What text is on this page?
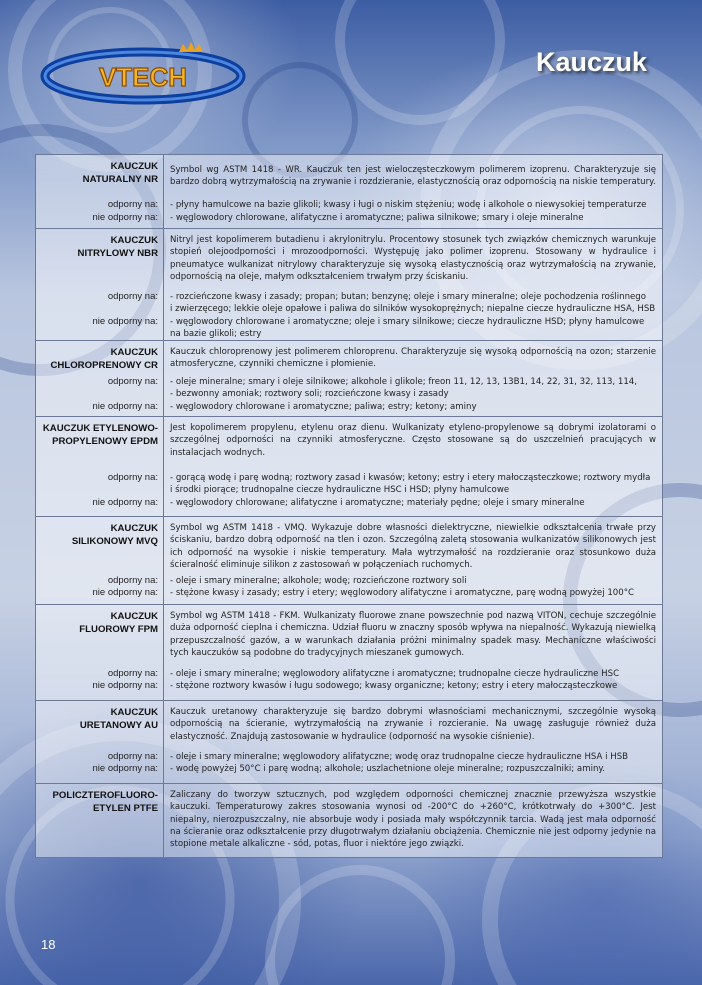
VTECH	Kauczuk
KAUCZUK
NATURALNY NR
odporny na:
nie odporny na:
Symbol wg ASTM 1418 - WR. Kauczuk ten jest wieloczęsteczkowym polimerem izoprenu. Charakteryzuje się bardzo dobrą wytrzymałością na zrywanie i rozdzieranie, elastycznością oraz odpornością na niskie temperatury.
- płyny hamulcowe na bazie glikoli; kwasy i ługi o niskim stężeniu; wodę i alkohole o niewysokiej temperaturze
- węglowodory chlorowane, alifatyczne i aromatyczne; paliwa silnikowe; smary i oleje mineralne
KAUCZUK
NITRYLOWY NBR
odporny na:
nie odporny na:
Nitryl jest kopolimerem butadienu i akrylonitrylu. Procentowy stosunek tych związków chemicznych warunkuje stopień olejoodporności i mrozoodporności. Występuję jako polimer izoprenu. Stosowany w hydraulice i pneumatyce wulkanizat nitrylowy charakteryzuje się wysoką elastycznością oraz wytrzymałością na zrywanie, odpornością na oleje, małym odkształceniem trwałym przy ściskaniu.
- rozcieńczone kwasy i zasady; propan; butan; benzynę; oleje i smary mineralne; oleje pochodzenia roślinnego
i zwierzęcego; lekkie oleje opałowe i paliwa do silników wysokoprężnych; niepalne ciecze hydrauliczne HSA, HSB
- węglowodory chlorowane i aromatyczne; oleje i smary silnikowe; ciecze hydrauliczne HSD; płyny hamulcowe
na bazie glikoli; estry
KAUCZUK
CHLOROPRENOWY CR
odporny na:
nie odporny na:
Kauczuk chloroprenowy jest polimerem chloroprenu. Charakteryzuje się wysoką odpornością na ozon; starzenie atmosferyczne, czynniki chemiczne i płomienie.
- oleje mineralne; smary i oleje silnikowe; alkohole i glikole; freon 11, 12, 13, 13B1, 14, 22, 31, 32, 113, 114,
- bezwonny amoniak; roztwory soli; rozcieńczone kwasy i zasady
- węglowodory chlorowane i aromatyczne; paliwa; estry; ketony; aminy
KAUCZUK ETYLENOWO-
PROPYLENOWY EPDM
odporny na:
nie odporny na:
Jest kopolimerem propylenu, etylenu oraz dienu. Wulkanizaty etyleno-propylenowe są dobrymi izolatorami o szczególnej odporności na czynniki atmosferyczne. Często stosowane są do uszczelnień pracujących w instalacjach wodnych.
- gorącą wodę i parę wodną; roztwory zasad i kwasów; ketony; estry i etery małocząsteczkowe; roztwory mydła
i środki piorące; trudnopalne ciecze hydrauliczne HSC i HSD; płyny hamulcowe
- węglowodory chlorowane; alifatyczne i aromatyczne; materiały pędne; oleje i smary mineralne
KAUCZUK
SILIKONOWY MVQ
odporny na:
nie odporny na:
Symbol wg ASTM 1418 - VMQ. Wykazuje dobre własności dielektryczne, niewielkie odkształcenia trwałe przy ściskaniu, bardzo dobrą odporność na tlen i ozon. Szczególną zaletą stosowania wulkanizatów silikonowych jest ich odporność na wysokie i niskie temperatury. Mała wytrzymałość na rozdzieranie oraz stosunkowo duża ścieralność eliminuje silikon z zastosowań w połączeniach ruchomych.
- oleje i smary mineralne; alkohole; wodę; rozcieńczone roztwory soli
- stężone kwasy i zasady; estry i etery; węglowodory alifatyczne i aromatyczne, parę wodną powyżej 100°C
KAUCZUK
FLUOROWY FPM
odporny na:
nie odporny na:
Symbol wg ASTM 1418 - FKM. Wulkanizaty fluorowe znane powszechnie pod nazwą VITON, cechuje szczególnie duża odporność cieplna i chemiczna. Udział fluoru w znaczny sposób wpływa na niepalność. Wykazują niewielką przepuszczalność gazów, a w warunkach działania próżni minimalny spadek masy. Mechaniczne właściwości tych kauczuków są podobne do tradycyjnych mieszanek gumowych.
- oleje i smary mineralne; węglowodory alifatyczne i aromatyczne; trudnopalne ciecze hydrauliczne HSC
- stężone roztwory kwasów i ługu sodowego; kwasy organiczne; ketony; estry i etery małocząsteczkowe
KAUCZUK
URETANOWY AU
odporny na:
nie odporny na:
Kauczuk uretanowy charakteryzuje się bardzo dobrymi własnościami mechanicznymi, szczególnie wysoką odpornością na ścieranie, wytrzymałością na zrywanie i rozcieranie. Na uwagę zasługuje również duża elastyczność. Znajdują zastosowanie w hydraulice (odporność na wysokie ciśnienie).
- oleje i smary mineralne; węglowodory alifatyczne; wodę oraz trudnopalne ciecze hydrauliczne HSA i HSB
- wodę powyżej 50°C i parę wodną; alkohole; uszlachetnione oleje mineralne; rozpuszczalniki; aminy.
POLICZTEROFLUORO-
ETYLEN PTFE
Zaliczany do tworzyw sztucznych, pod względem odporności chemicznej znacznie przewyższa wszystkie kauczuki. Temperaturowy zakres stosowania wynosi od -200°C do +260°C, krótkotrwały do +300°C. Jest niepalny, nierozpuszczalny, nie absorbuje wody i posiada mały współczynnik tarcia. Wadą jest mała odporność na ścieranie oraz odkształcenie przy długotrwałym działaniu obciążenia. Chemicznie nie jest odporny jedynie na stopione metale alkaliczne - sód, potas, fluor i niektóre jego związki.
18
